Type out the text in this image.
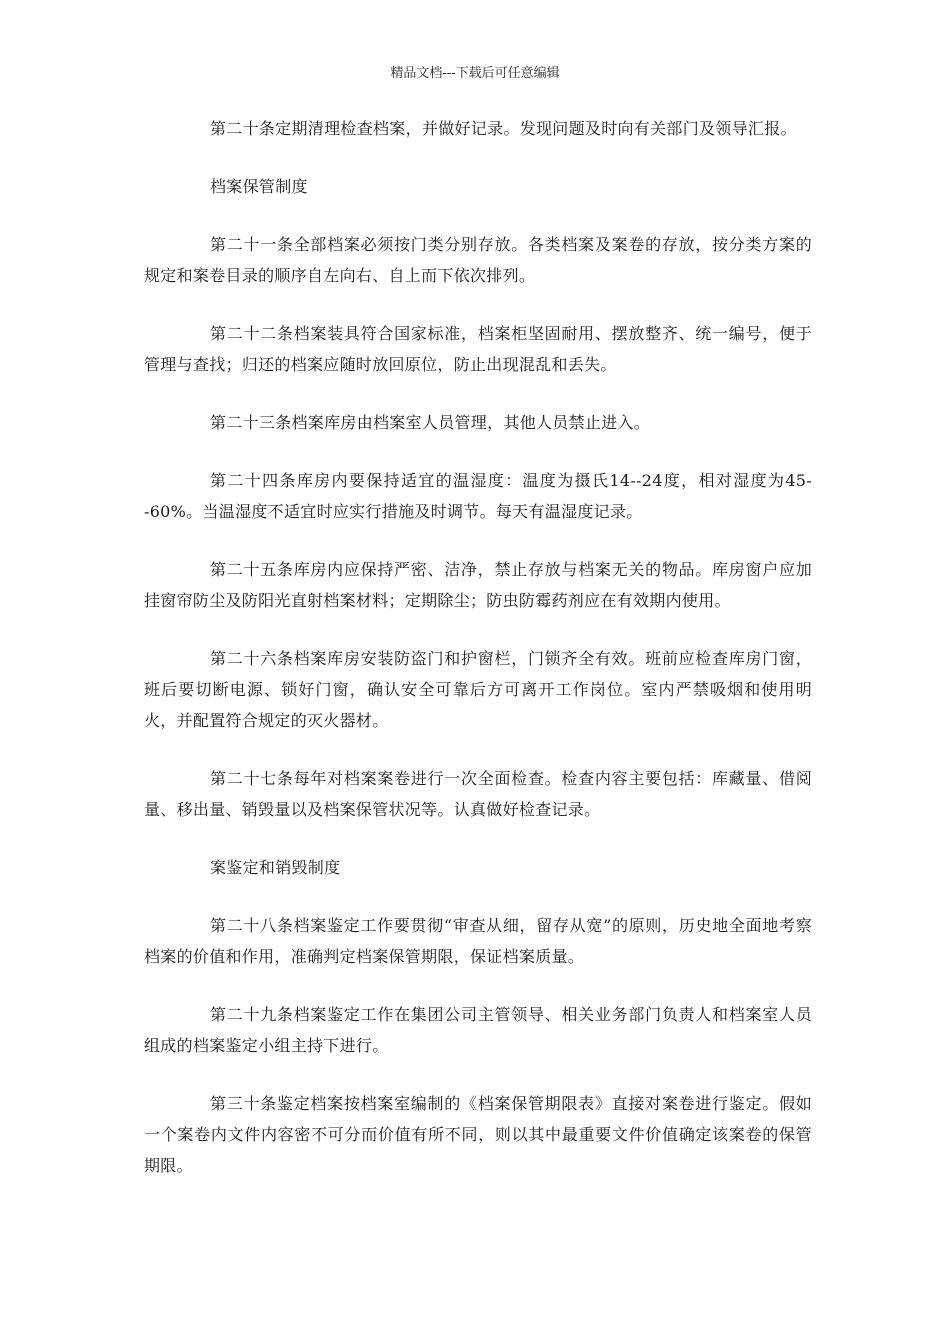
精品文档---下载后可任意编辑

第二十条定期清理检查档案，并做好记录。发现问题及时向有关部门及领导汇报。

档案保管制度

第二十一条全部档案必须按门类分别存放。各类档案及案卷的存放，按分类方案的规定和案卷目录的顺序自左向右、自上而下依次排列。

第二十二条档案装具符合国家标准，档案柜坚固耐用、摆放整齐、统一编号，便于管理与查找；归还的档案应随时放回原位，防止出现混乱和丢失。

第二十三条档案库房由档案室人员管理，其他人员禁止进入。

第二十四条库房内要保持适宜的温湿度：温度为摄氏14--24度，相对湿度为45--60%。当温湿度不适宜时应实行措施及时调节。每天有温湿度记录。

第二十五条库房内应保持严密、洁净，禁止存放与档案无关的物品。库房窗户应加挂窗帘防尘及防阳光直射档案材料；定期除尘；防虫防霉药剂应在有效期内使用。

第二十六条档案库房安装防盗门和护窗栏，门锁齐全有效。班前应检查库房门窗，班后要切断电源、锁好门窗，确认安全可靠后方可离开工作岗位。室内严禁吸烟和使用明火，并配置符合规定的灭火器材。

第二十七条每年对档案案卷进行一次全面检查。检查内容主要包括：库藏量、借阅量、移出量、销毁量以及档案保管状况等。认真做好检查记录。

案鉴定和销毁制度

第二十八条档案鉴定工作要贯彻“审查从细，留存从宽”的原则，历史地全面地考察档案的价值和作用，准确判定档案保管期限，保证档案质量。

第二十九条档案鉴定工作在集团公司主管领导、相关业务部门负责人和档案室人员组成的档案鉴定小组主持下进行。

第三十条鉴定档案按档案室编制的《档案保管期限表》直接对案卷进行鉴定。假如一个案卷内文件内容密不可分而价值有所不同，则以其中最重要文件价值确定该案卷的保管期限。
